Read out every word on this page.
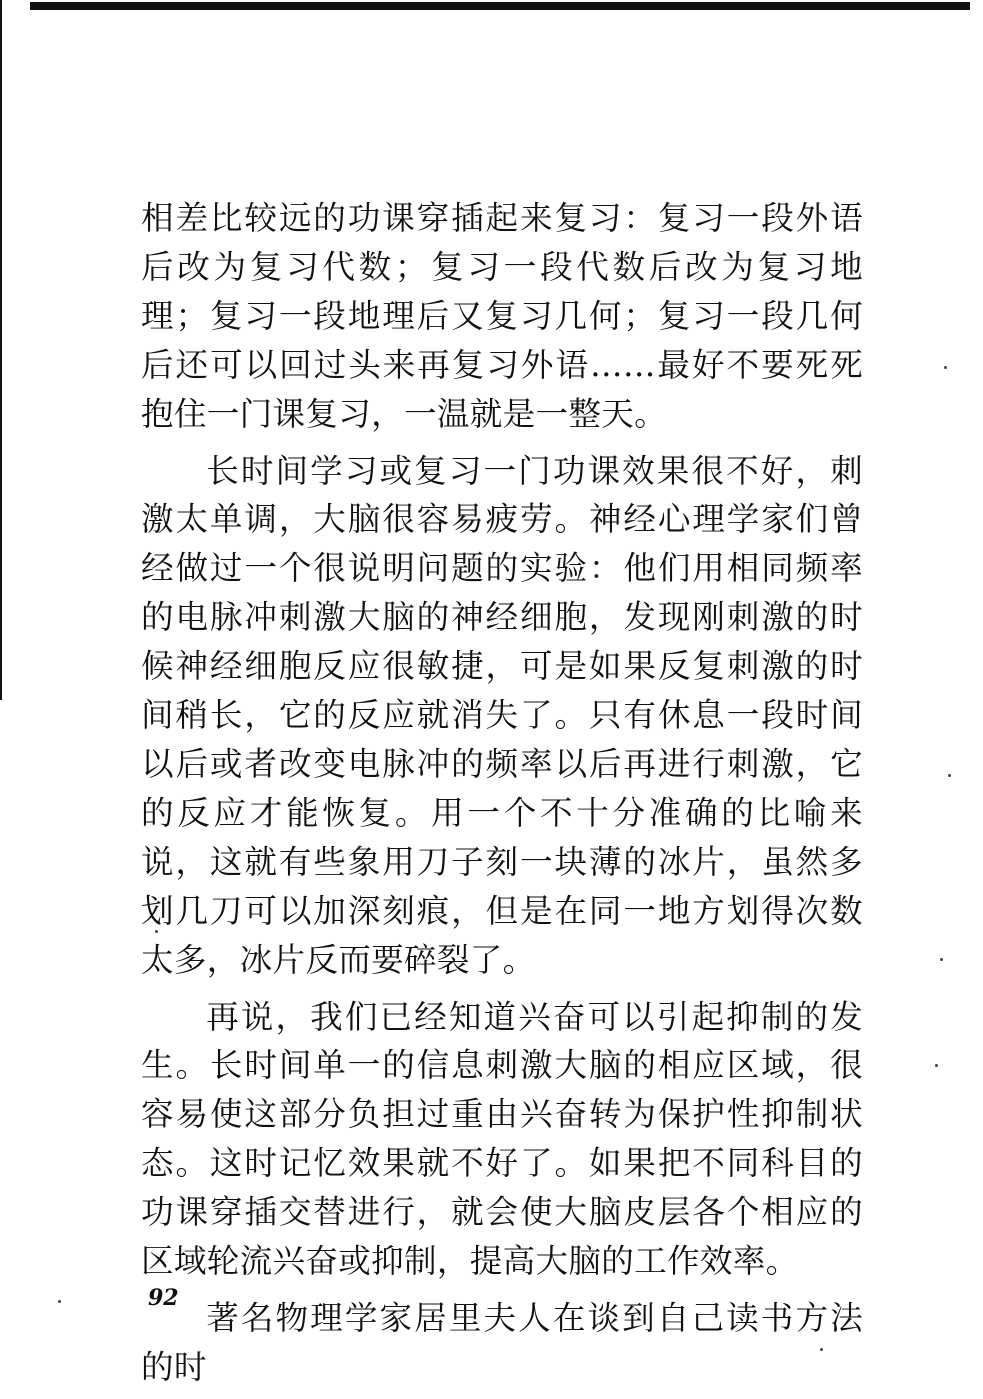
相差比较远的功课穿插起来复习：复习一段外语后改为复习代数；复习一段代数后改为复习地理；复习一段地理后又复习几何；复习一段几何后还可以回过头来再复习外语……最好不要死死抱住一门课复习，一温就是一整天。

长时间学习或复习一门功课效果很不好，刺激太单调，大脑很容易疲劳。神经心理学家们曾经做过一个很说明问题的实验：他们用相同频率的电脉冲刺激大脑的神经细胞，发现刚刺激的时候神经细胞反应很敏捷，可是如果反复刺激的时间稍长，它的反应就消失了。只有休息一段时间以后或者改变电脉冲的频率以后再进行刺激，它的反应才能恢复。用一个不十分准确的比喻来说，这就有些象用刀子刻一块薄的冰片，虽然多划几刀可以加深刻痕，但是在同一地方划得次数太多，冰片反而要碎裂了。

再说，我们已经知道兴奋可以引起抑制的发生。长时间单一的信息刺激大脑的相应区域，很容易使这部分负担过重由兴奋转为保护性抑制状态。这时记忆效果就不好了。如果把不同科目的功课穿插交替进行，就会使大脑皮层各个相应的区域轮流兴奋或抑制，提高大脑的工作效率。

著名物理学家居里夫人在谈到自己读书方法的时

92
